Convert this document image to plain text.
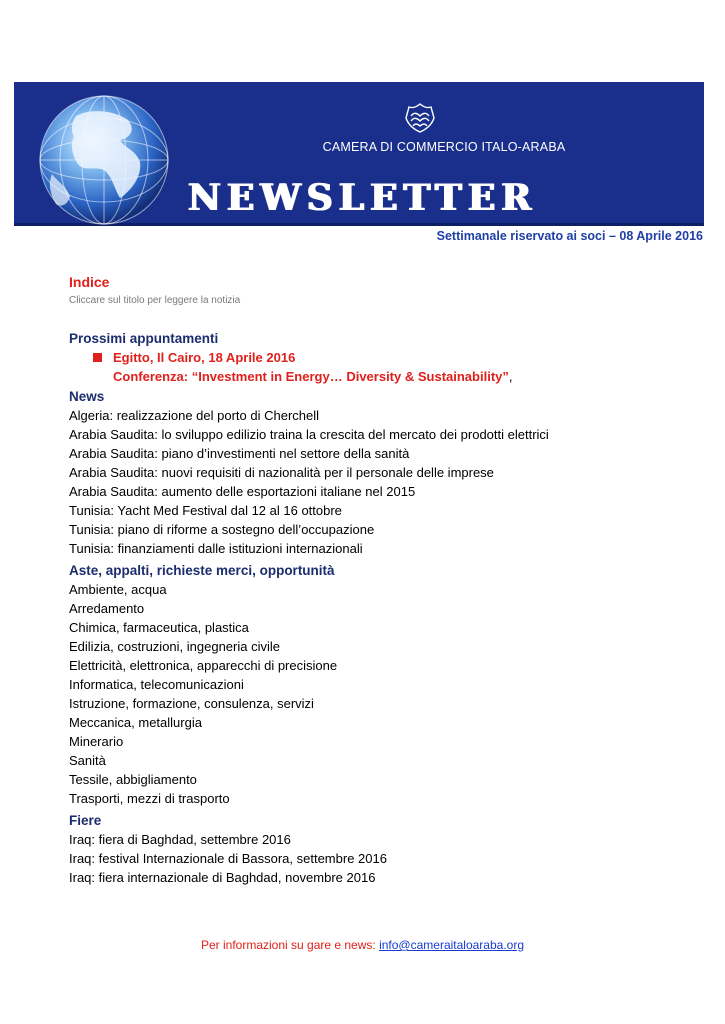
CAMERA DI COMMERCIO ITALO-ARABA
NEWSLETTER
Settimanale riservato ai soci – 08 Aprile 2016

Indice

Cliccare sul titolo per leggere la notizia

Prossimi appuntamenti

Egitto, Il Cairo, 18 Aprile 2016

Conferenza: “Investment in Energy… Diversity & Sustainability”,

News

Algeria: realizzazione del porto di Cherchell

Arabia Saudita: lo sviluppo edilizio traina la crescita del mercato dei prodotti elettrici

Arabia Saudita: piano d’investimenti nel settore della sanità

Arabia Saudita: nuovi requisiti di nazionalità per il personale delle imprese

Arabia Saudita: aumento delle esportazioni italiane nel 2015

Tunisia: Yacht Med Festival dal 12 al 16 ottobre

Tunisia: piano di riforme a sostegno dell’occupazione

Tunisia: finanziamenti dalle istituzioni internazionali

Aste, appalti, richieste merci, opportunità

Ambiente, acqua

Arredamento

Chimica, farmaceutica, plastica

Edilizia, costruzioni, ingegneria civile

Elettricità, elettronica, apparecchi di precisione

Informatica, telecomunicazioni

Istruzione, formazione, consulenza, servizi

Meccanica, metallurgia

Minerario

Sanità

Tessile, abbigliamento

Trasporti, mezzi di trasporto

Fiere

Iraq: fiera di Baghdad, settembre 2016

Iraq: festival Internazionale di Bassora, settembre 2016

Iraq: fiera internazionale di Baghdad, novembre 2016

Per informazioni su gare e news: info@cameraitaloaraba.org
